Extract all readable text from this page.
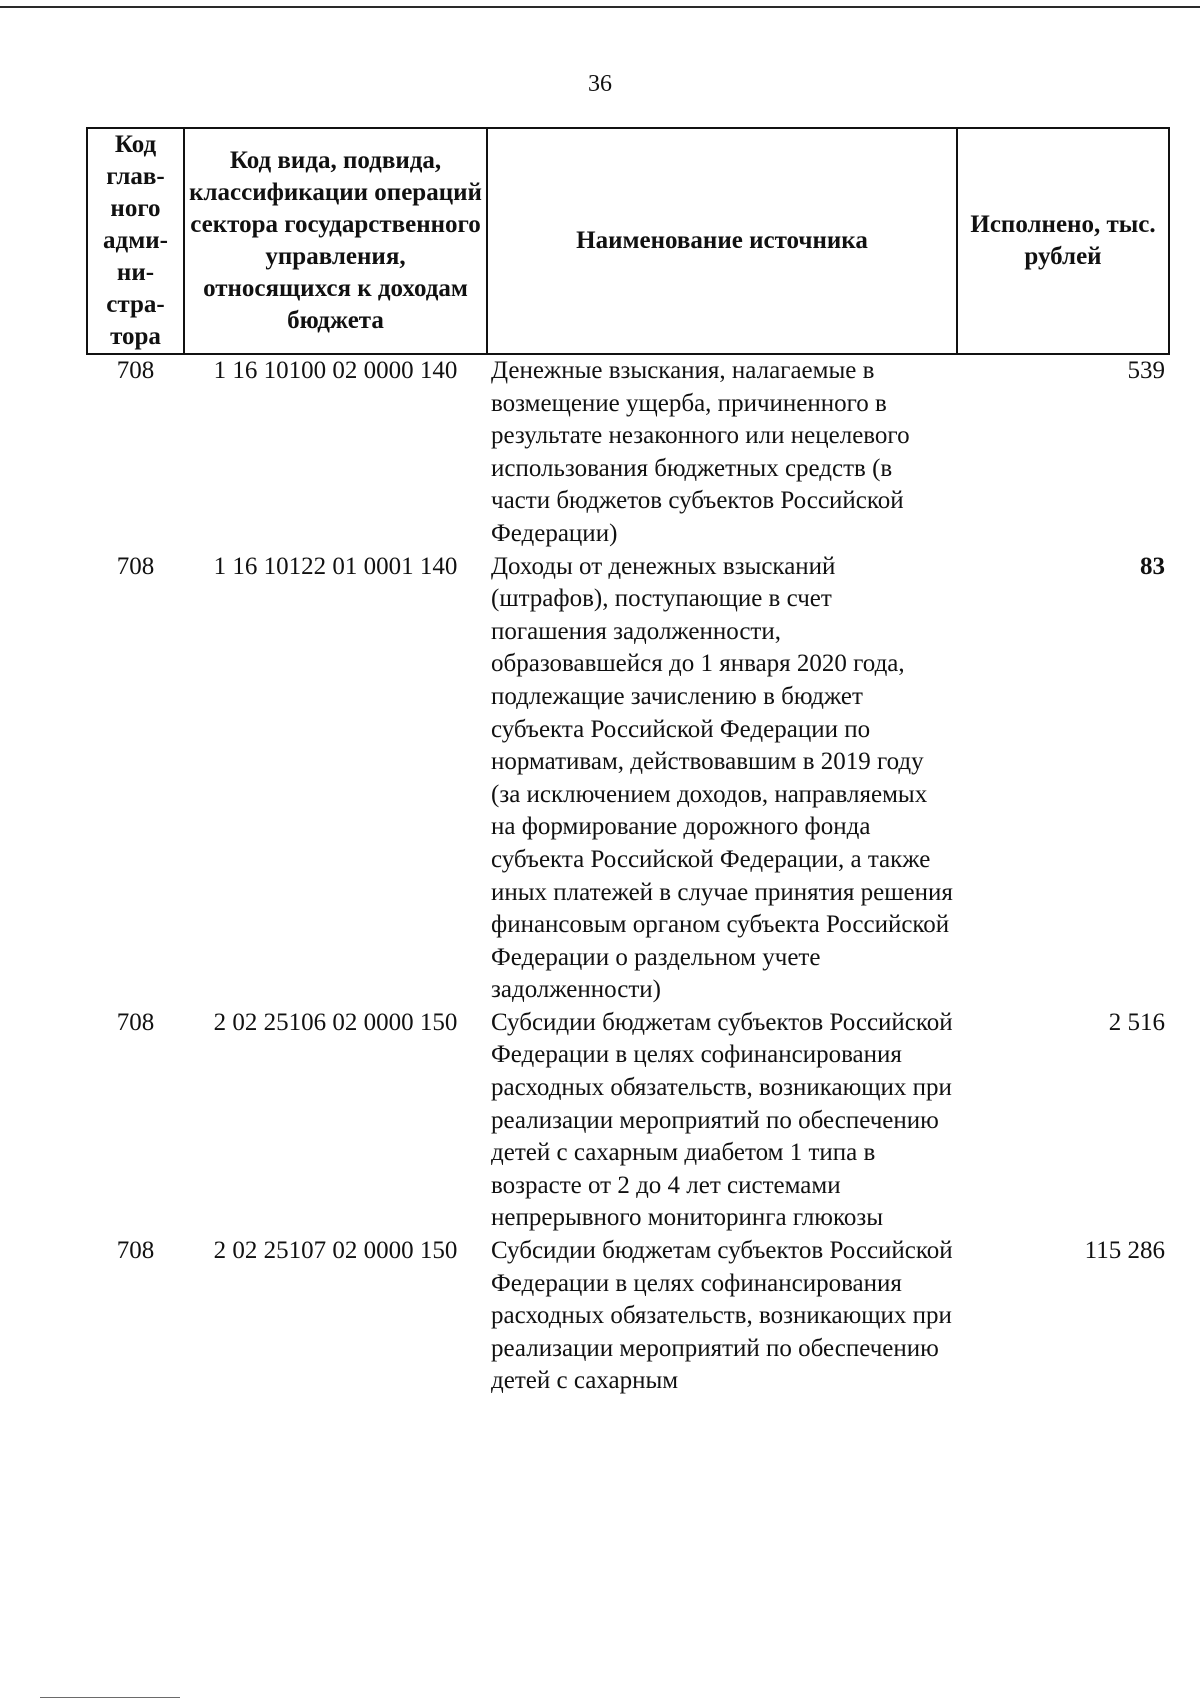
36
Код глав-ного адми-ни-стра-тора	Код вида, подвида, классификации операций сектора государственного управления, относящихся к доходам бюджета	Наименование источника	Исполнено, тыс. рублей
708	1 16 10100 02 0000 140	Денежные взыскания, налагаемые в возмещение ущерба, причиненного в результате незаконного или нецелевого использования бюджетных средств (в части бюджетов субъектов Российской Федерации)	539
708	1 16 10122 01 0001 140	Доходы от денежных взысканий (штрафов), поступающие в счет погашения задолженности, образовавшейся до 1 января 2020 года, подлежащие зачислению в бюджет субъекта Российской Федерации по нормативам, действовавшим в 2019 году (за исключением доходов, направляемых на формирование дорожного фонда субъекта Российской Федерации, а также иных платежей в случае принятия решения финансовым органом субъекта Российской Федерации о раздельном учете задолженности)	83
708	2 02 25106 02 0000 150	Субсидии бюджетам субъектов Российской Федерации в целях софинансирования расходных обязательств, возникающих при реализации мероприятий по обеспечению детей с сахарным диабетом 1 типа в возрасте от 2 до 4 лет системами непрерывного мониторинга глюкозы	2 516
708	2 02 25107 02 0000 150	Субсидии бюджетам субъектов Российской Федерации в целях софинансирования расходных обязательств, возникающих при реализации мероприятий по обеспечению детей с сахарным	115 286
